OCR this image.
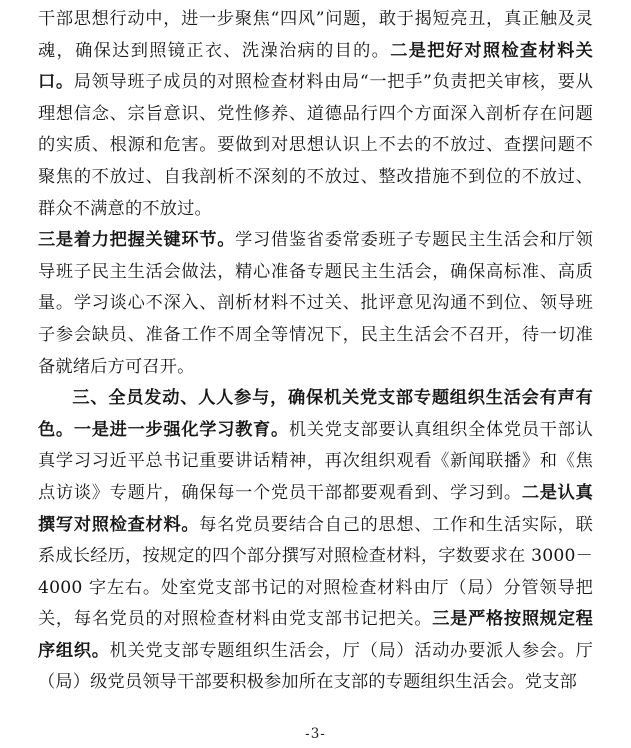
干部思想行动中，进一步聚焦“四风”问题，敢于揭短亮丑，真正触及灵魂，确保达到照镜正衣、洗澡治病的目的。二是把好对照检查材料关口。局领导班子成员的对照检查材料由局“一把手”负责把关审核，要从理想信念、宗旨意识、党性修养、道德品行四个方面深入剖析存在问题的实质、根源和危害。要做到对思想认识上不去的不放过、查摆问题不聚焦的不放过、自我剖析不深刻的不放过、整改措施不到位的不放过、群众不满意的不放过。

三是着力把握关键环节。学习借鉴省委常委班子专题民主生活会和厅领导班子民主生活会做法，精心准备专题民主生活会，确保高标准、高质量。学习谈心不深入、剖析材料不过关、批评意见沟通不到位、领导班子参会缺员、准备工作不周全等情况下，民主生活会不召开，待一切准备就绪后方可召开。

三、全员发动、人人参与，确保机关党支部专题组织生活会有声有色。一是进一步强化学习教育。机关党支部要认真组织全体党员干部认真学习习近平总书记重要讲话精神，再次组织观看《新闻联播》和《焦点访谈》专题片，确保每一个党员干部都要观看到、学习到。二是认真撰写对照检查材料。每名党员要结合自己的思想、工作和生活实际，联系成长经历，按规定的四个部分撰写对照检查材料，字数要求在 3000－4000 字左右。处室党支部书记的对照检查材料由厅（局）分管领导把关，每名党员的对照检查材料由党支部书记把关。三是严格按照规定程序组织。机关党支部专题组织生活会，厅（局）活动办要派人参会。厅（局）级党员领导干部要积极参加所在支部的专题组织生活会。党支部

-3-
